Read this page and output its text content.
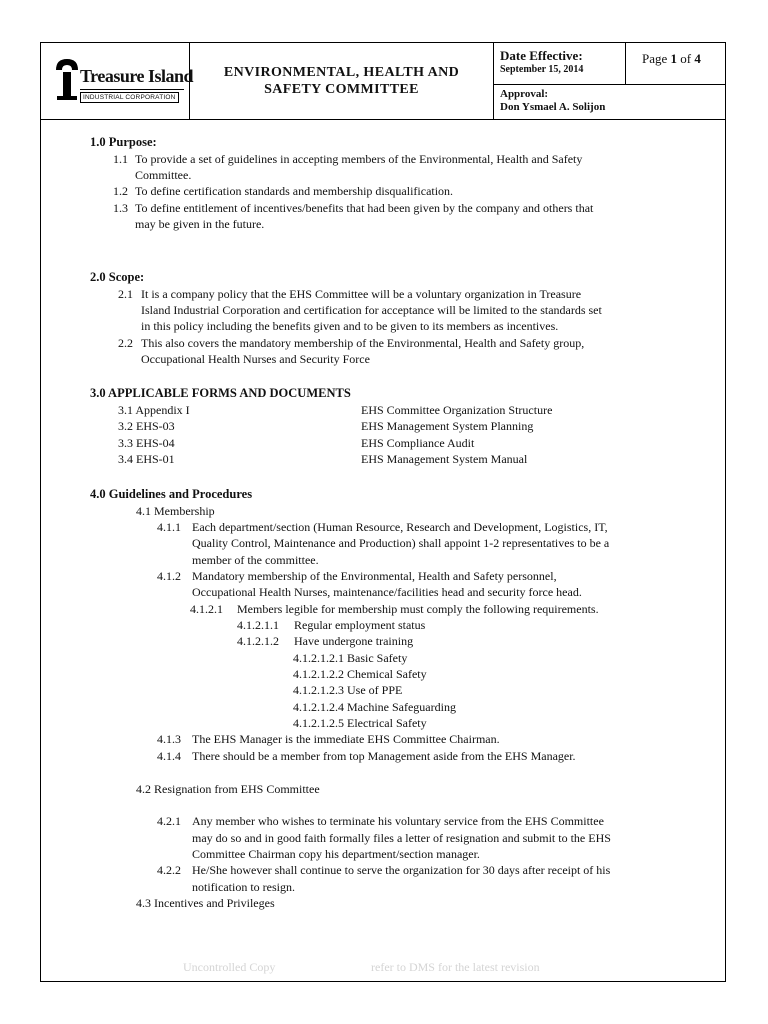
Treasure Island
INDUSTRIAL CORPORATION
ENVIRONMENTAL, HEALTH AND
SAFETY COMMITTEE
Date Effective:
September 15, 2014
Page 1 of 4
Approval:
Don Ysmael A. Solijon
1.0 Purpose:
1.1 To provide a set of guidelines in accepting members of the Environmental, Health and Safety
Committee.
1.2 To define certification standards and membership disqualification.
1.3 To define entitlement of incentives/benefits that had been given by the company and others that
may be given in the future.
2.0 Scope:
2.1 It is a company policy that the EHS Committee will be a voluntary organization in Treasure
Island Industrial Corporation and certification for acceptance will be limited to the standards set
in this policy including the benefits given and to be given to its members as incentives.
2.2 This also covers the mandatory membership of the Environmental, Health and Safety group,
Occupational Health Nurses and Security Force
3.0 APPLICABLE FORMS AND DOCUMENTS
3.1 Appendix I	EHS Committee Organization Structure
3.2 EHS-03	EHS Management System Planning
3.3 EHS-04	EHS Compliance Audit
3.4 EHS-01	EHS Management System Manual
4.0 Guidelines and Procedures
4.1 Membership
4.1.1 Each department/section (Human Resource, Research and Development, Logistics, IT,
Quality Control, Maintenance and Production) shall appoint 1-2 representatives to be a
member of the committee.
4.1.2 Mandatory membership of the Environmental, Health and Safety personnel,
Occupational Health Nurses, maintenance/facilities head and security force head.
4.1.2.1 Members legible for membership must comply the following requirements.
4.1.2.1.1 Regular employment status
4.1.2.1.2 Have undergone training
4.1.2.1.2.1 Basic Safety
4.1.2.1.2.2 Chemical Safety
4.1.2.1.2.3 Use of PPE
4.1.2.1.2.4 Machine Safeguarding
4.1.2.1.2.5 Electrical Safety
4.1.3 The EHS Manager is the immediate EHS Committee Chairman.
4.1.4 There should be a member from top Management aside from the EHS Manager.
4.2 Resignation from EHS Committee
4.2.1 Any member who wishes to terminate his voluntary service from the EHS Committee
may do so and in good faith formally files a letter of resignation and submit to the EHS
Committee Chairman copy his department/section manager.
4.2.2 He/She however shall continue to serve the organization for 30 days after receipt of his
notification to resign.
4.3 Incentives and Privileges
Uncontrolled Copy	refer to DMS for the latest revision
